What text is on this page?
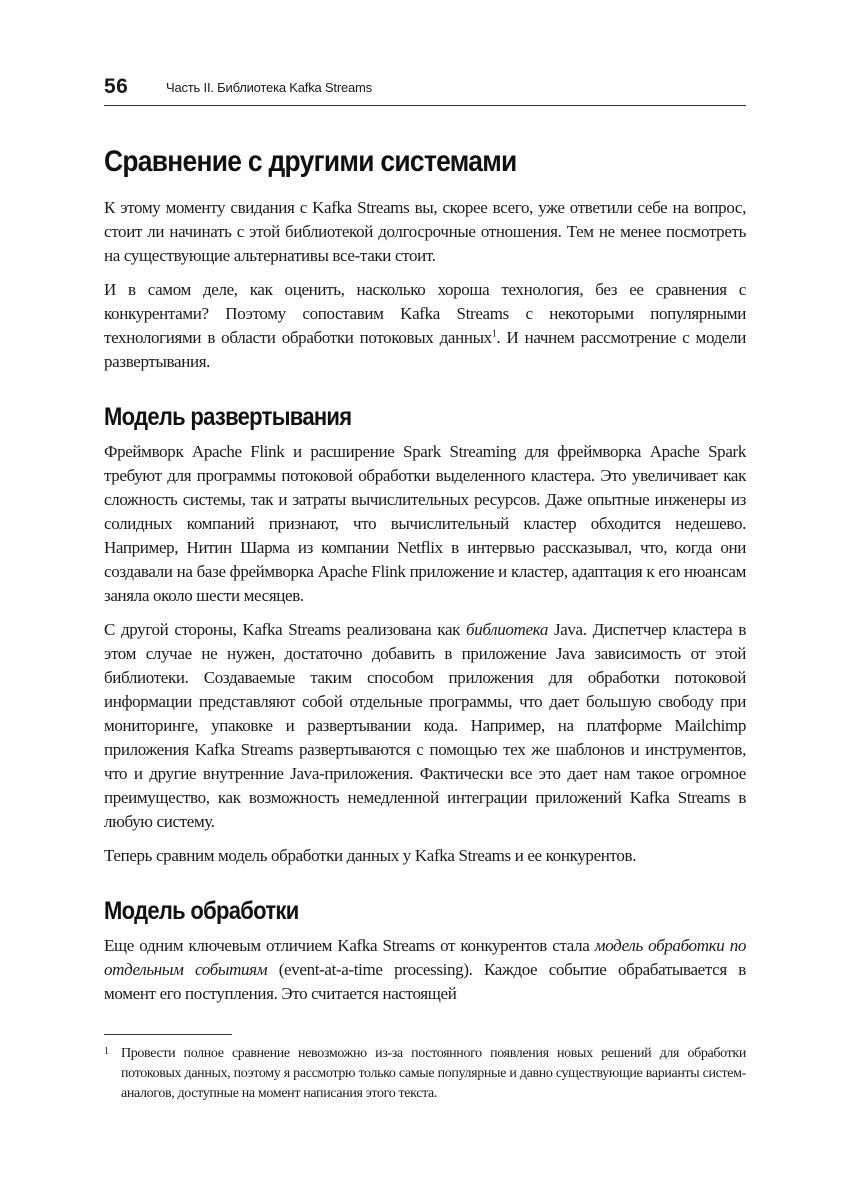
56	Часть II. Библиотека Kafka Streams
Сравнение с другими системами

К этому моменту свидания с Kafka Streams вы, скорее всего, уже ответили себе на вопрос, стоит ли начинать с этой библиотекой долгосрочные отношения. Тем не менее посмотреть на существующие альтернативы все-таки стоит.

И в самом деле, как оценить, насколько хороша технология, без ее сравнения с конкурентами? Поэтому сопоставим Kafka Streams с некоторыми популярными технологиями в области обработки потоковых данных$^1$. И начнем рассмотрение с модели развертывания.

Модель развертывания

Фреймворк Apache Flink и расширение Spark Streaming для фреймворка Apache Spark требуют для программы потоковой обработки выделенного кластера. Это увеличивает как сложность системы, так и затраты вычислительных ресурсов. Даже опытные инженеры из солидных компаний признают, что вычислительный кластер обходится недешево. Например, Нитин Шарма из компании Netflix в интервью рассказывал, что, когда они создавали на базе фреймворка Apache Flink приложение и кластер, адаптация к его нюансам заняла около шести месяцев.

С другой стороны, Kafka Streams реализована как библиотека Java. Диспетчер кластера в этом случае не нужен, достаточно добавить в приложение Java зависимость от этой библиотеки. Создаваемые таким способом приложения для обработки потоковой информации представляют собой отдельные программы, что дает большую свободу при мониторинге, упаковке и развертывании кода. Например, на платформе Mailchimp приложения Kafka Streams развертываются с помощью тех же шаблонов и инструментов, что и другие внутренние Java-приложения. Фактически все это дает нам такое огромное преимущество, как возможность немедленной интеграции приложений Kafka Streams в любую систему.

Теперь сравним модель обработки данных у Kafka Streams и ее конкурентов.

Модель обработки

Еще одним ключевым отличием Kafka Streams от конкурентов стала модель обработки по отдельным событиям (event-at-a-time processing). Каждое событие обрабатывается в момент его поступления. Это считается настоящей

1 Провести полное сравнение невозможно из-за постоянного появления новых решений для обработки потоковых данных, поэтому я рассмотрю только самые популярные и давно существующие варианты систем-аналогов, доступные на момент написания этого текста.
